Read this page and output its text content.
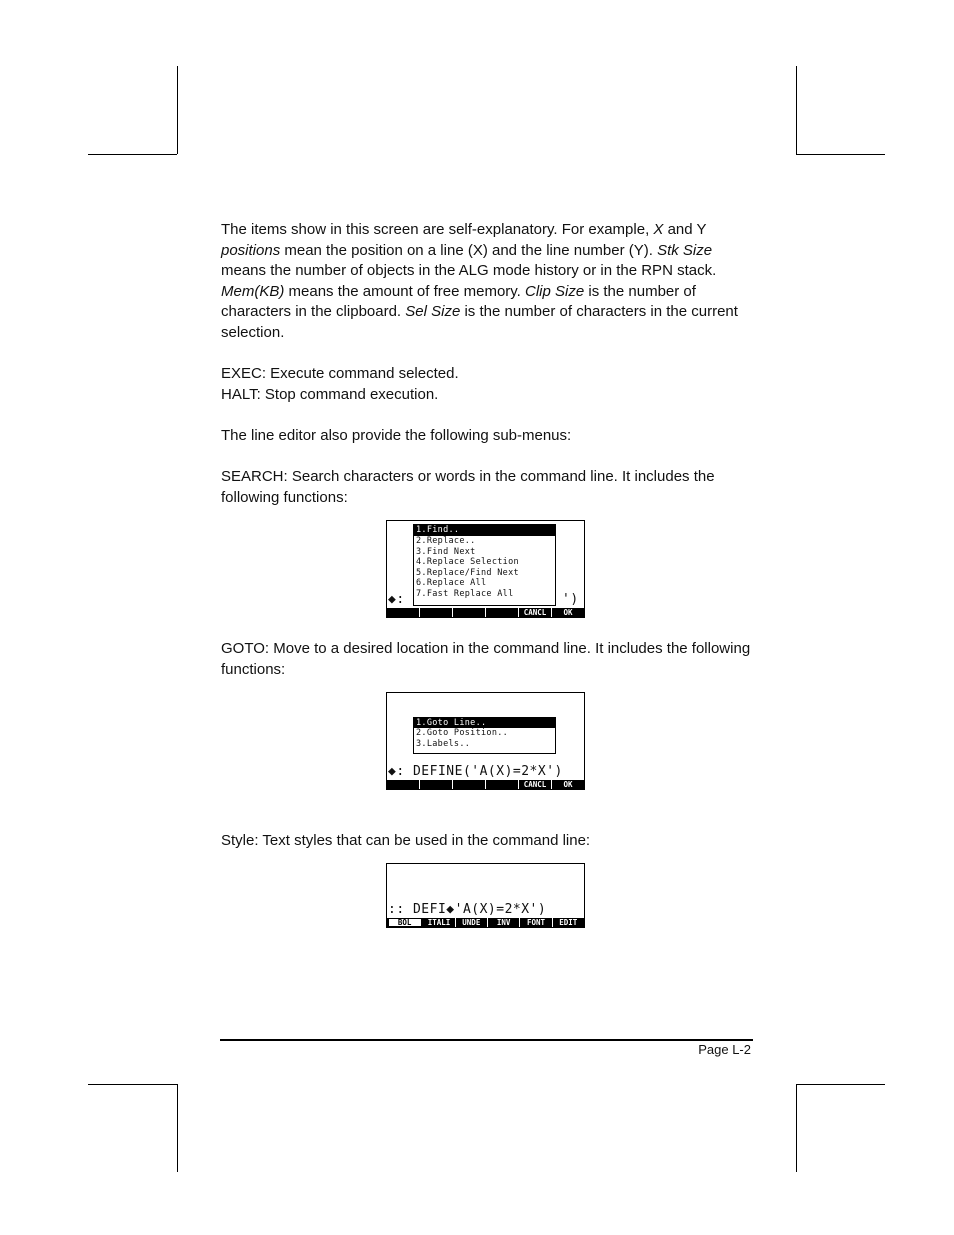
The items show in this screen are self-explanatory. For example, X and Y positions mean the position on a line (X) and the line number (Y). Stk Size means the number of objects in the ALG mode history or in the RPN stack. Mem(KB) means the amount of free memory. Clip Size is the number of characters in the clipboard. Sel Size is the number of characters in the current selection.

EXEC: Execute command selected.

HALT: Stop command execution.

The line editor also provide the following sub-menus:

SEARCH: Search characters or words in the command line. It includes the following functions:

1.Find..
2.Replace..
3.Find Next
4.Replace Selection
5.Replace/Find Next
6.Replace All
7.Fast Replace All
◆:	')
CANCL	OK

GOTO: Move to a desired location in the command line. It includes the following functions:

1.Goto Line..
2.Goto Position..
3.Labels..
◆: DEFINE('A(X)=2*X')
CANCL	OK

Style: Text styles that can be used in the command line:

:: DEFI◆'A(X)=2*X')
BOL	ITALI	UNDE	INV	FONT	EDIT
Page L-2
